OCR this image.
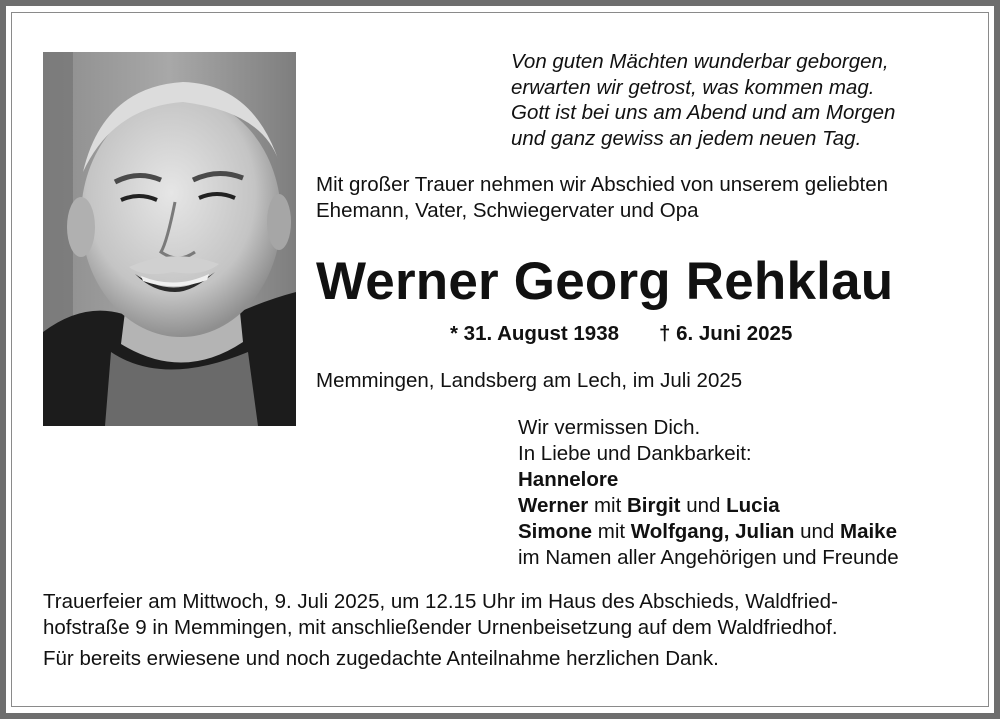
Von guten Mächten wunderbar geborgen,
erwarten wir getrost, was kommen mag.
Gott ist bei uns am Abend und am Morgen
und ganz gewiss an jedem neuen Tag.
Mit großer Trauer nehmen wir Abschied von unserem geliebten
Ehemann, Vater, Schwiegervater und Opa
Werner Georg Rehklau
* 31. August 1938 † 6. Juni 2025
Memmingen, Landsberg am Lech, im Juli 2025
Wir vermissen Dich.
In Liebe und Dankbarkeit:
Hannelore
Werner mit Birgit und Lucia
Simone mit Wolfgang, Julian und Maike
im Namen aller Angehörigen und Freunde
Trauerfeier am Mittwoch, 9. Juli 2025, um 12.15 Uhr im Haus des Abschieds, Waldfried-
hofstraße 9 in Memmingen, mit anschließender Urnenbeisetzung auf dem Waldfriedhof.
Für bereits erwiesene und noch zugedachte Anteilnahme herzlichen Dank.
